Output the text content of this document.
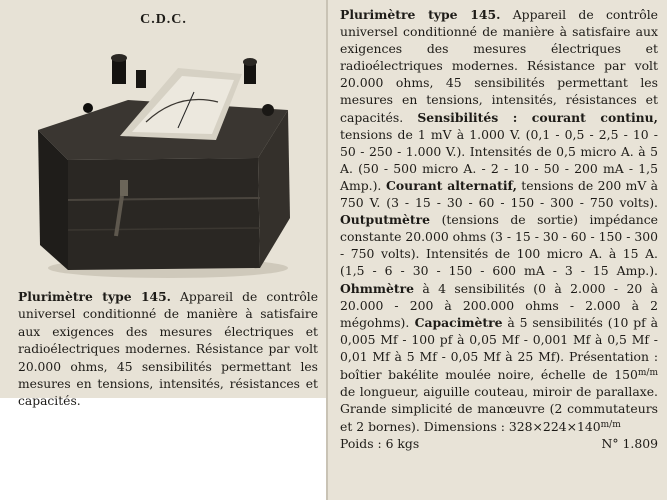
C.D.C.

Plurimètre type 145. Appareil de contrôle universel conditionné de manière à satisfaire aux exigences des mesures électriques et radioélectriques modernes. Résistance par volt 20.000 ohms, 45 sensibilités permettant les mesures en tensions, intensités, résistances et capacités.

Plurimètre type 145. Appareil de contrôle universel conditionné de manière à satisfaire aux exigences des mesures électriques et radioélectriques modernes. Résistance par volt 20.000 ohms, 45 sensibilités permettant les mesures en tensions, intensités, résistances et capacités. Sensibilités : courant continu, tensions de 1 mV à 1.000 V. (0,1 - 0,5 - 2,5 - 10 - 50 - 250 - 1.000 V.). Intensités de 0,5 micro A. à 5 A. (50 - 500 micro A. - 2 - 10 - 50 - 200 mA - 1,5 Amp.). Courant alternatif, tensions de 200 mV à 750 V. (3 - 15 - 30 - 60 - 150 - 300 - 750 volts). Outputmètre (tensions de sortie) impédance constante 20.000 ohms (3 - 15 - 30 - 60 - 150 - 300 - 750 volts). Intensités de 100 micro A. à 15 A. (1,5 - 6 - 30 - 150 - 600 mA - 3 - 15 Amp.). Ohmmètre à 4 sensibilités (0 à 2.000 - 20 à 20.000 - 200 à 200.000 ohms - 2.000 à 2 mégohms). Capacimètre à 5 sensibilités (10 pf à 0,005 Mf - 100 pf à 0,05 Mf - 0,001 Mf à 0,5 Mf - 0,01 Mf à 5 Mf - 0,05 Mf à 25 Mf). Présentation : boîtier bakélite moulée noire, échelle de $150^{m/m}$ de longueur, aiguille couteau, miroir de parallaxe. Grande simplicité de manœuvre (2 commutateurs et 2 bornes). Dimensions : $328\times 224\times 140^{m/m}$

Poids : 6 kgs	N° 1.809
